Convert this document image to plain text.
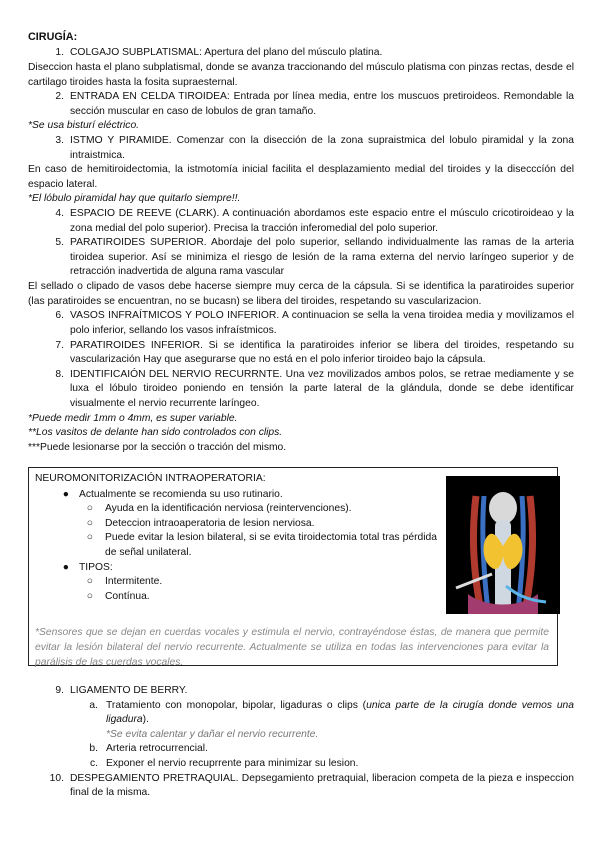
CIRUGÍA:

1. COLGAJO SUBPLATISMAL: Apertura del plano del músculo platina.

Diseccion hasta el plano subplatismal, donde se avanza traccionando del músculo platisma con pinzas rectas, desde el cartilago tiroides hasta la fosita supraesternal.

2. ENTRADA EN CELDA TIROIDEA: Entrada por línea media, entre los muscuos pretiroideos. Remondable la sección muscular en caso de lobulos de gran tamaño.

*Se usa bisturí eléctrico.

3. ISTMO Y PIRAMIDE. Comenzar con la disección de la zona supraistmica del lobulo piramidal y la zona intraistmica.

En caso de hemitiroidectomia, la istmotomía inicial facilita el desplazamiento medial del tiroides y la disecccíón del espacio lateral.

*El lóbulo piramidal hay que quitarlo siempre!!.

4. ESPACIO DE REEVE (CLARK). A continuación abordamos este espacio entre el músculo cricotiroideao y la zona medial del polo superior). Precisa la tracción inferomedial del polo superior.
5. PARATIROIDES SUPERIOR. Abordaje del polo superior, sellando individualmente las ramas de la arteria tiroidea superior. Así se minimiza el riesgo de lesión de la rama externa del nervio laríngeo superior y de retracción inadvertida de alguna rama vascular

El sellado o clipado de vasos debe hacerse siempre muy cerca de la cápsula. Si se identifica la paratiroides superior (las paratiroides se encuentran, no se bucasn) se libera del tiroides, respetando su vascularizacion.

6. VASOS INFRAÍTMICOS Y POLO INFERIOR. A continuacion se sella la vena tiroidea media y movilizamos el polo inferior, sellando los vasos infraístmicos.
7. PARATIROIDES INFERIOR. Si se identifica la paratiroides inferior se libera del tiroides, respetando su vascularización Hay que asegurarse que no está en el polo inferior tiroideo bajo la cápsula.
8. IDENTIFICAIÓN DEL NERVIO RECURRNTE. Una vez movilizados ambos polos, se retrae mediamente y se luxa el lóbulo tiroideo poniendo en tensión la parte lateral de la glándula, donde se debe identificar visualmente el nervio recurrente laríngeo.

*Puede medir 1mm o 4mm, es super variable.

**Los vasitos de delante han sido controlados con clips.

***Puede lesionarse por la sección o tracción del mismo.

NEUROMONITORIZACIÓN INTRAOPERATORIA:

● Actualmente se recomienda su uso rutinario.
○	Ayuda en la identificación nerviosa (reintervenciones).
○	Deteccion intraoaperatoria de lesion nerviosa.
○	Puede evitar la lesion bilateral, si se evita tiroidectomia total tras pérdida de señal unilateral.
● TIPOS:
○	Intermitente.
○	Contínua.

*Sensores que se dejan en cuerdas vocales y estimula el nervio, contrayéndose éstas, de manera que permite evitar la lesión bilateral del nervio recurrente. Actualmente se utiliza en todas las intervenciones para evitar la parálisis de las cuerdas vocales.

9. LIGAMENTO DE BERRY.
a. Tratamiento con monopolar, bipolar, ligaduras o clips (unica parte de la cirugía donde vemos una ligadura).

*Se evita calentar y dañar el nervio recurrente.

b. Arteria retrocurrencial.
c. Exponer el nervio recuprrente para minimizar su lesion.
10. DESPEGAMIENTO PRETRAQUIAL. Depsegamiento pretraquial, liberacion competa de la pieza e inspeccion final de la misma.
